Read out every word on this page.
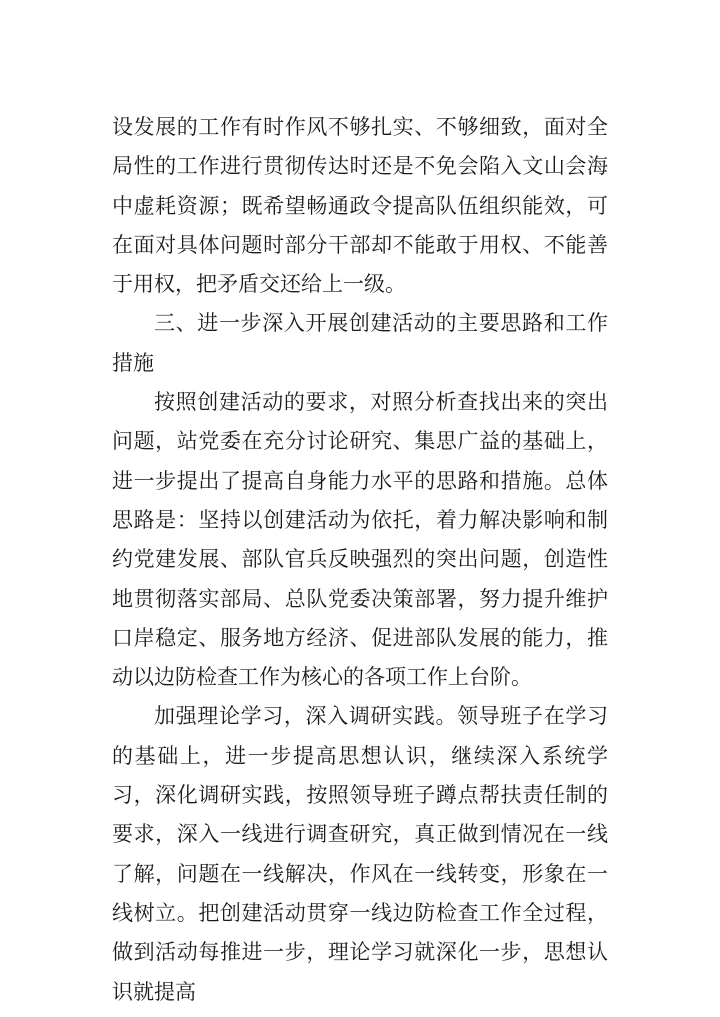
设发展的工作有时作风不够扎实、不够细致，面对全局性的工作进行贯彻传达时还是不免会陷入文山会海中虚耗资源；既希望畅通政令提高队伍组织能效，可在面对具体问题时部分干部却不能敢于用权、不能善于用权，把矛盾交还给上一级。

三、进一步深入开展创建活动的主要思路和工作措施

按照创建活动的要求，对照分析查找出来的突出问题，站党委在充分讨论研究、集思广益的基础上，进一步提出了提高自身能力水平的思路和措施。总体思路是：坚持以创建活动为依托，着力解决影响和制约党建发展、部队官兵反映强烈的突出问题，创造性地贯彻落实部局、总队党委决策部署，努力提升维护口岸稳定、服务地方经济、促进部队发展的能力，推动以边防检查工作为核心的各项工作上台阶。

加强理论学习，深入调研实践。领导班子在学习的基础上，进一步提高思想认识，继续深入系统学习，深化调研实践，按照领导班子蹲点帮扶责任制的要求，深入一线进行调查研究，真正做到情况在一线了解，问题在一线解决，作风在一线转变，形象在一线树立。把创建活动贯穿一线边防检查工作全过程，做到活动每推进一步，理论学习就深化一步，思想认识就提高
